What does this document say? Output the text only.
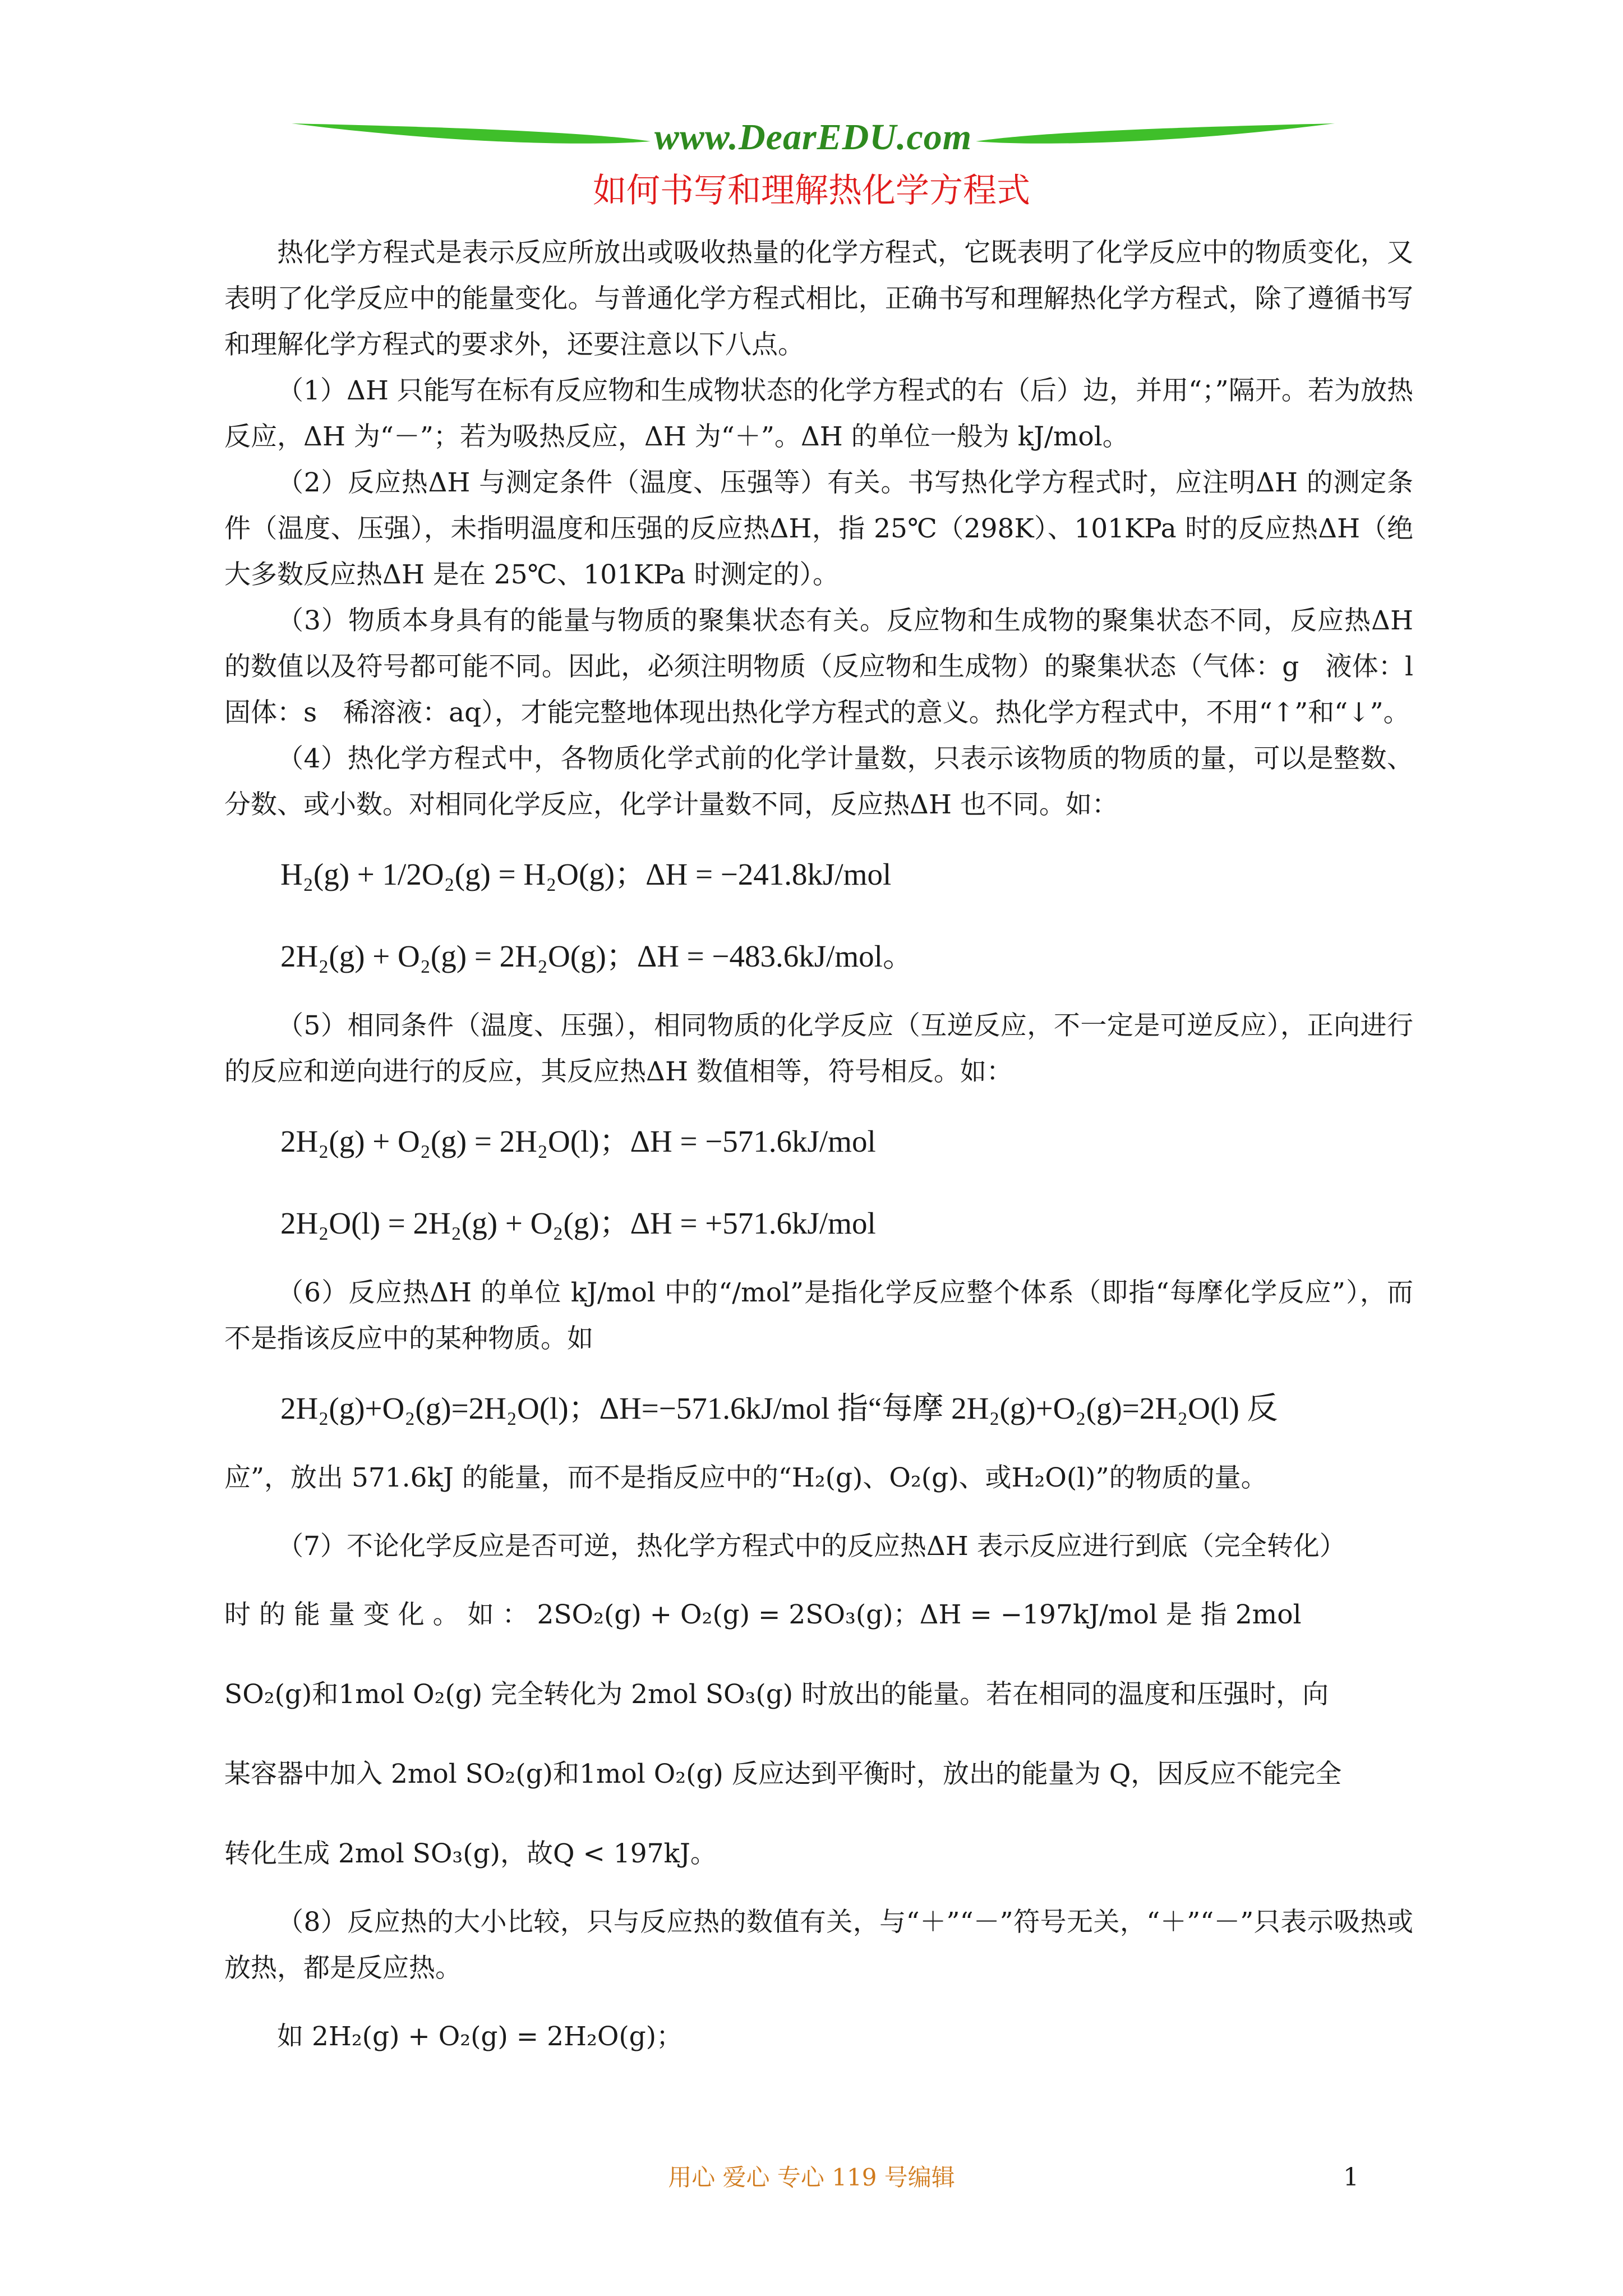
www.DearEDU.com
如何书写和理解热化学方程式

热化学方程式是表示反应所放出或吸收热量的化学方程式，它既表明了化学反应中的物质变化，又表明了化学反应中的能量变化。与普通化学方程式相比，正确书写和理解热化学方程式，除了遵循书写和理解化学方程式的要求外，还要注意以下八点。

（1）ΔH 只能写在标有反应物和生成物状态的化学方程式的右（后）边，并用“；”隔开。若为放热反应，ΔH 为“－”；若为吸热反应，ΔH 为“＋”。ΔH 的单位一般为 kJ/mol。

（2）反应热ΔH 与测定条件（温度、压强等）有关。书写热化学方程式时，应注明ΔH 的测定条件（温度、压强），未指明温度和压强的反应热ΔH，指 25℃（298K）、101KPa 时的反应热ΔH（绝大多数反应热ΔH 是在 25℃、101KPa 时测定的）。

（3）物质本身具有的能量与物质的聚集状态有关。反应物和生成物的聚集状态不同，反应热ΔH 的数值以及符号都可能不同。因此，必须注明物质（反应物和生成物）的聚集状态（气体：g　液体：l　固体：s　稀溶液：aq），才能完整地体现出热化学方程式的意义。热化学方程式中，不用“↑”和“↓”。

（4）热化学方程式中，各物质化学式前的化学计量数，只表示该物质的物质的量，可以是整数、分数、或小数。对相同化学反应，化学计量数不同，反应热ΔH 也不同。如：

H₂(g) + 1/2O₂(g) = H₂O(g)；ΔH = −241.8kJ/mol

2H₂(g) + O₂(g) = 2H₂O(g)；ΔH = −483.6kJ/mol。

（5）相同条件（温度、压强），相同物质的化学反应（互逆反应，不一定是可逆反应），正向进行的反应和逆向进行的反应，其反应热ΔH 数值相等，符号相反。如：

2H₂(g) + O₂(g) = 2H₂O(l)；ΔH = −571.6kJ/mol

2H₂O(l) = 2H₂(g) + O₂(g)；ΔH = +571.6kJ/mol

（6）反应热ΔH 的单位 kJ/mol 中的“/mol”是指化学反应整个体系（即指“每摩化学反应”），而不是指该反应中的某种物质。如

2H₂(g)+O₂(g)=2H₂O(l)；ΔH=−571.6kJ/mol 指“每摩 2H₂(g)+O₂(g)=2H₂O(l) 反

应”，放出 571.6kJ 的能量，而不是指反应中的“H₂(g)、O₂(g)、或H₂O(l)”的物质的量。

（7）不论化学反应是否可逆，热化学方程式中的反应热ΔH 表示反应进行到底（完全转化）

时 的 能 量 变 化 。 如 ： 2SO₂(g) + O₂(g) = 2SO₃(g)；ΔH = −197kJ/mol 是 指 2mol

SO₂(g)和1mol O₂(g) 完全转化为 2mol SO₃(g) 时放出的能量。若在相同的温度和压强时，向

某容器中加入 2mol SO₂(g)和1mol O₂(g) 反应达到平衡时，放出的能量为 Q，因反应不能完全

转化生成 2mol SO₃(g)，故Q < 197kJ。

（8）反应热的大小比较，只与反应热的数值有关，与“＋”“－”符号无关，“＋”“－”只表示吸热或放热，都是反应热。

如 2H₂(g) + O₂(g) = 2H₂O(g)；

用心 爱心 专心 119 号编辑	1
